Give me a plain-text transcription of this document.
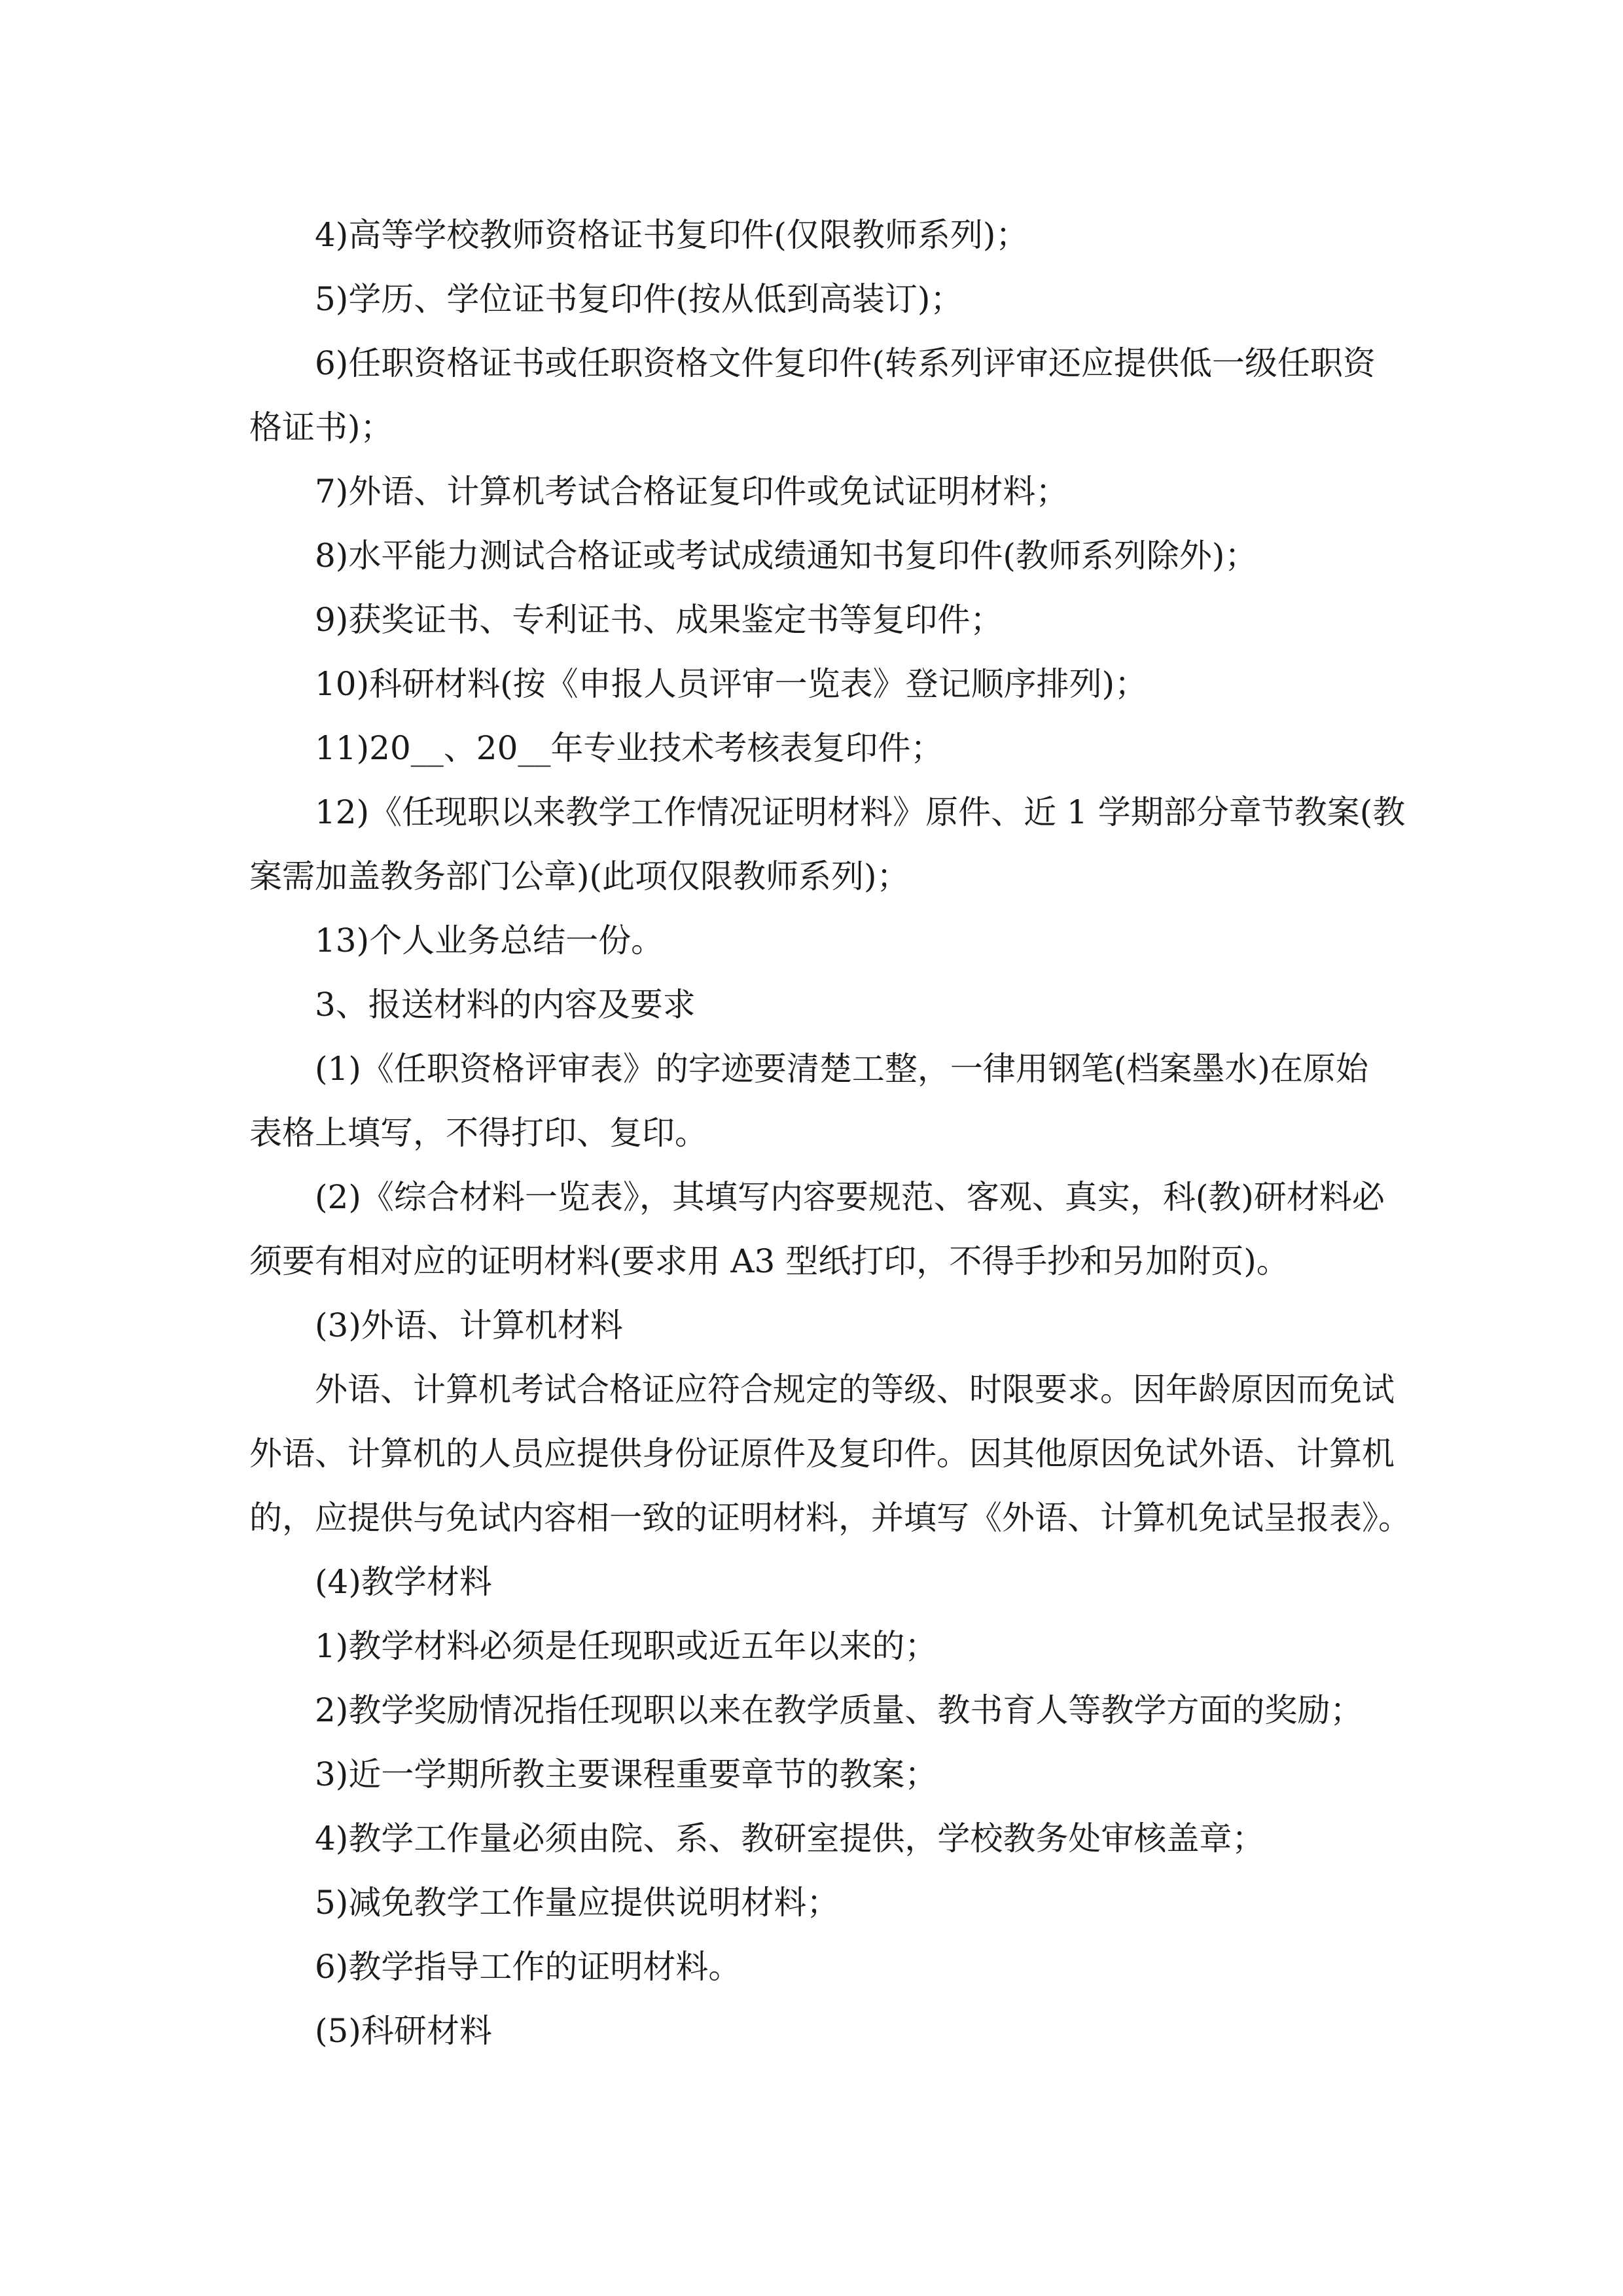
4)高等学校教师资格证书复印件(仅限教师系列)；
5)学历、学位证书复印件(按从低到高装订)；
6)任职资格证书或任职资格文件复印件(转系列评审还应提供低一级任职资
格证书)；
7)外语、计算机考试合格证复印件或免试证明材料；
8)水平能力测试合格证或考试成绩通知书复印件(教师系列除外)；
9)获奖证书、专利证书、成果鉴定书等复印件；
10)科研材料(按《申报人员评审一览表》登记顺序排列)；
11)20__、20__年专业技术考核表复印件；
12)《任现职以来教学工作情况证明材料》原件、近 1 学期部分章节教案(教
案需加盖教务部门公章)(此项仅限教师系列)；
13)个人业务总结一份。
3、报送材料的内容及要求
(1)《任职资格评审表》的字迹要清楚工整，一律用钢笔(档案墨水)在原始
表格上填写，不得打印、复印。
(2)《综合材料一览表》，其填写内容要规范、客观、真实，科(教)研材料必
须要有相对应的证明材料(要求用 A3 型纸打印，不得手抄和另加附页)。
(3)外语、计算机材料
外语、计算机考试合格证应符合规定的等级、时限要求。因年龄原因而免试
外语、计算机的人员应提供身份证原件及复印件。因其他原因免试外语、计算机
的，应提供与免试内容相一致的证明材料，并填写《外语、计算机免试呈报表》。
(4)教学材料
1)教学材料必须是任现职或近五年以来的；
2)教学奖励情况指任现职以来在教学质量、教书育人等教学方面的奖励；
3)近一学期所教主要课程重要章节的教案；
4)教学工作量必须由院、系、教研室提供，学校教务处审核盖章；
5)减免教学工作量应提供说明材料；
6)教学指导工作的证明材料。
(5)科研材料
